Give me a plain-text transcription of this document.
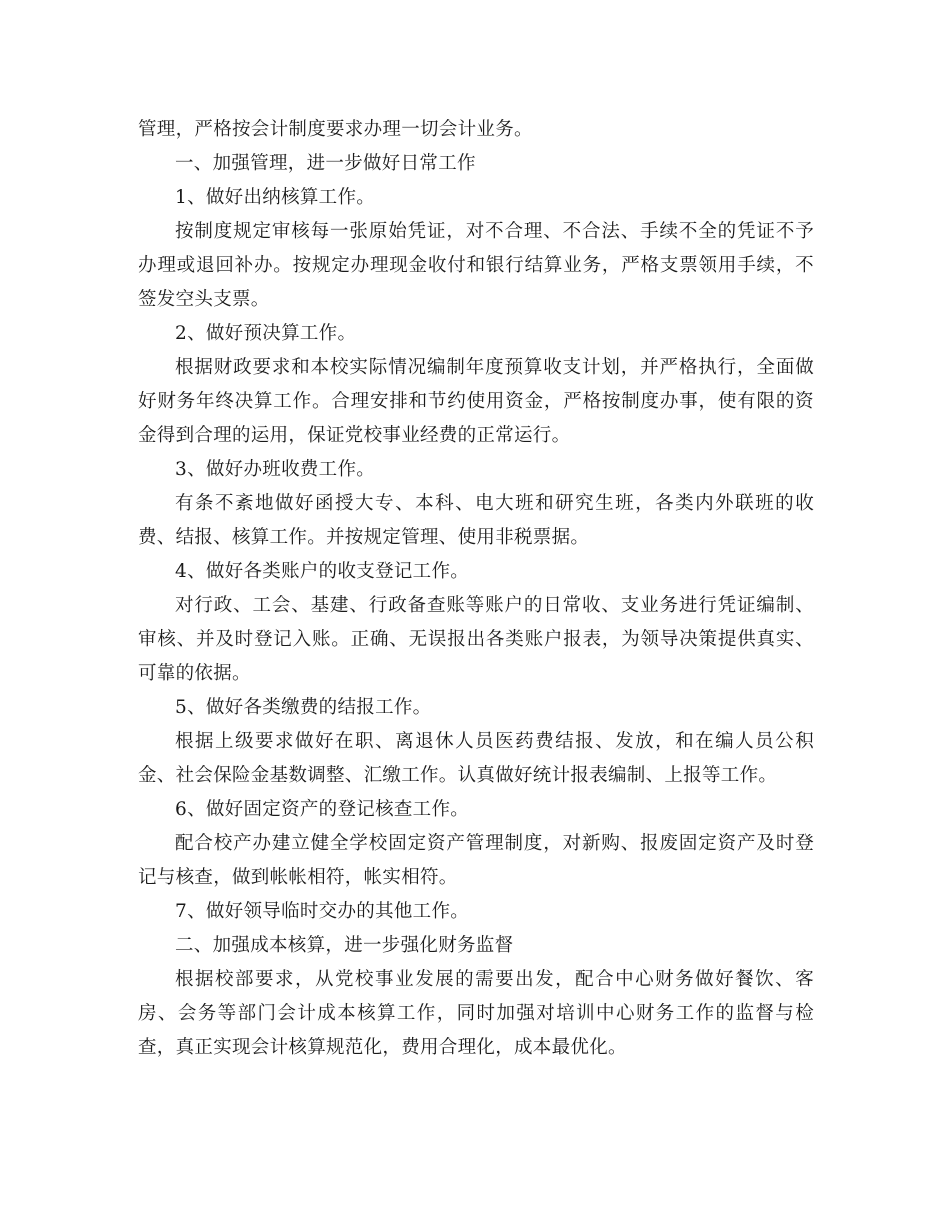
管理，严格按会计制度要求办理一切会计业务。

一、加强管理，进一步做好日常工作

1、做好出纳核算工作。

按制度规定审核每一张原始凭证，对不合理、不合法、手续不全的凭证不予办理或退回补办。按规定办理现金收付和银行结算业务，严格支票领用手续，不签发空头支票。

2、做好预决算工作。

根据财政要求和本校实际情况编制年度预算收支计划，并严格执行，全面做好财务年终决算工作。合理安排和节约使用资金，严格按制度办事，使有限的资金得到合理的运用，保证党校事业经费的正常运行。

3、做好办班收费工作。

有条不紊地做好函授大专、本科、电大班和研究生班，各类内外联班的收费、结报、核算工作。并按规定管理、使用非税票据。

4、做好各类账户的收支登记工作。

对行政、工会、基建、行政备查账等账户的日常收、支业务进行凭证编制、审核、并及时登记入账。正确、无误报出各类账户报表，为领导决策提供真实、可靠的依据。

5、做好各类缴费的结报工作。

根据上级要求做好在职、离退休人员医药费结报、发放，和在编人员公积金、社会保险金基数调整、汇缴工作。认真做好统计报表编制、上报等工作。

6、做好固定资产的登记核查工作。

配合校产办建立健全学校固定资产管理制度，对新购、报废固定资产及时登记与核查，做到帐帐相符，帐实相符。

7、做好领导临时交办的其他工作。

二、加强成本核算，进一步强化财务监督

根据校部要求，从党校事业发展的需要出发，配合中心财务做好餐饮、客房、会务等部门会计成本核算工作，同时加强对培训中心财务工作的监督与检查，真正实现会计核算规范化，费用合理化，成本最优化。
